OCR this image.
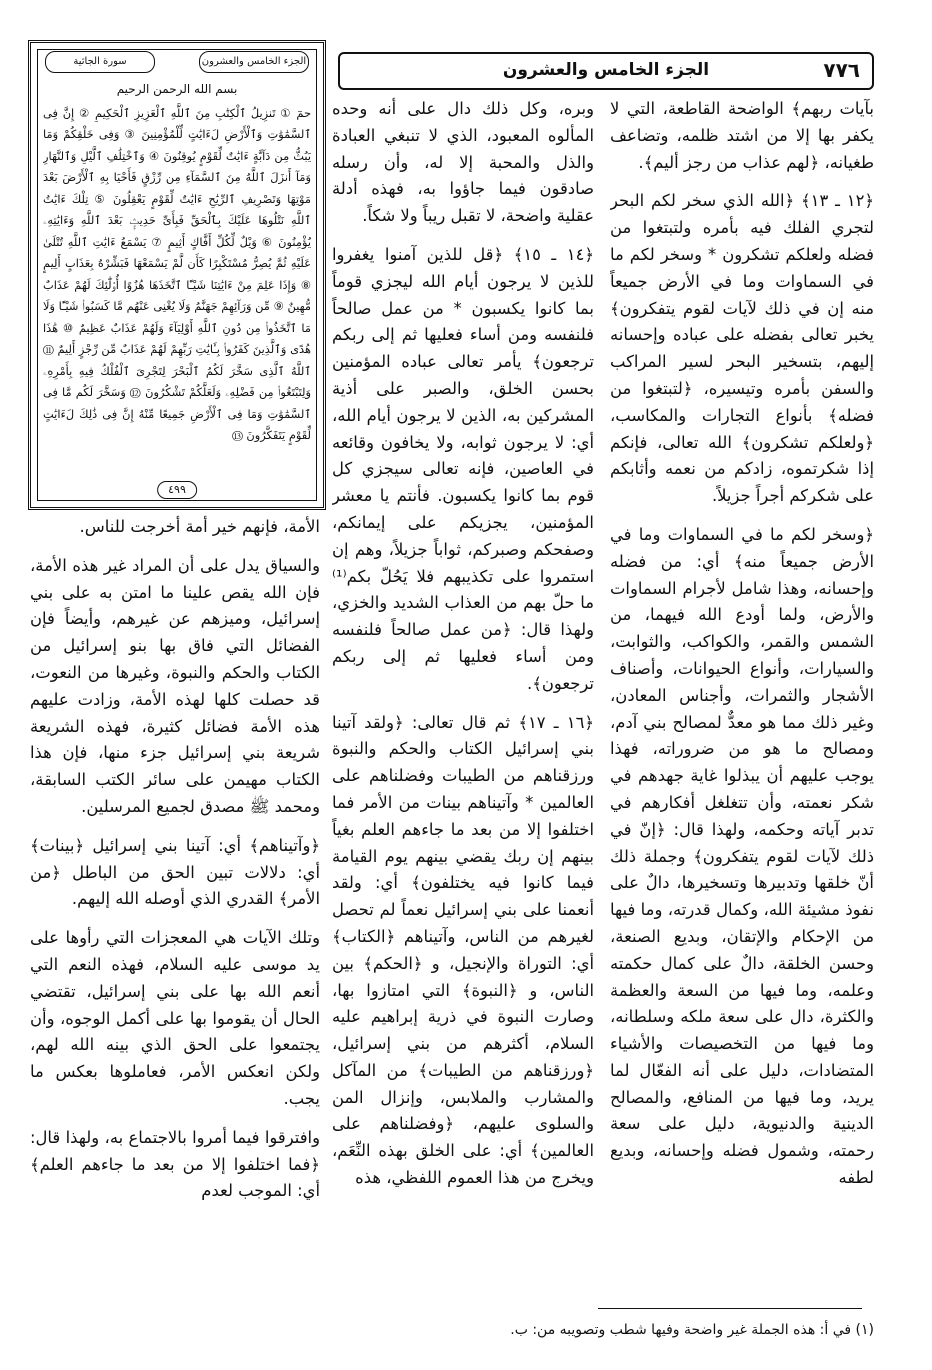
٧٧٦
الجزء الخامس والعشرون
الجزء الخامس والعشرون
سورة الجاثية
بسم الله الرحمن الرحيم
حمٓ ① تَنزِيلُ ٱلْكِتَٰبِ مِنَ ٱللَّهِ ٱلْعَزِيزِ ٱلْحَكِيمِ ② إِنَّ فِى ٱلسَّمَٰوَٰتِ وَٱلْأَرْضِ لَءَايَٰتٍ لِّلْمُؤْمِنِينَ ③ وَفِى خَلْقِكُمْ وَمَا يَبُثُّ مِن دَآبَّةٍ ءَايَٰتٌ لِّقَوْمٍ يُوقِنُونَ ④ وَٱخْتِلَٰفِ ٱلَّيْلِ وَٱلنَّهَارِ وَمَآ أَنزَلَ ٱللَّهُ مِنَ ٱلسَّمَآءِ مِن رِّزْقٍ فَأَحْيَا بِهِ ٱلْأَرْضَ بَعْدَ مَوْتِهَا وَتَصْرِيفِ ٱلرِّيَٰحِ ءَايَٰتٌ لِّقَوْمٍ يَعْقِلُونَ ⑤ تِلْكَ ءَايَٰتُ ٱللَّهِ نَتْلُوهَا عَلَيْكَ بِٱلْحَقِّ فَبِأَىِّ حَدِيثٍۭ بَعْدَ ٱللَّهِ وَءَايَٰتِهِۦ يُؤْمِنُونَ ⑥ وَيْلٌ لِّكُلِّ أَفَّاكٍ أَثِيمٍ ⑦ يَسْمَعُ ءَايَٰتِ ٱللَّهِ تُتْلَىٰ عَلَيْهِ ثُمَّ يُصِرُّ مُسْتَكْبِرًا كَأَن لَّمْ يَسْمَعْهَا فَبَشِّرْهُ بِعَذَابٍ أَلِيمٍ ⑧ وَإِذَا عَلِمَ مِنْ ءَايَٰتِنَا شَيْـًٔا ٱتَّخَذَهَا هُزُوًا أُو۟لَٰٓئِكَ لَهُمْ عَذَابٌ مُّهِينٌ ⑨ مِّن وَرَآئِهِمْ جَهَنَّمُ وَلَا يُغْنِى عَنْهُم مَّا كَسَبُوا۟ شَيْـًٔا وَلَا مَا ٱتَّخَذُوا۟ مِن دُونِ ٱللَّهِ أَوْلِيَآءَ وَلَهُمْ عَذَابٌ عَظِيمٌ ⑩ هَٰذَا هُدًى وَٱلَّذِينَ كَفَرُوا۟ بِـَٔايَٰتِ رَبِّهِمْ لَهُمْ عَذَابٌ مِّن رِّجْزٍ أَلِيمٌ ⑪ ٱللَّهُ ٱلَّذِى سَخَّرَ لَكُمُ ٱلْبَحْرَ لِتَجْرِىَ ٱلْفُلْكُ فِيهِ بِأَمْرِهِۦ وَلِتَبْتَغُوا۟ مِن فَضْلِهِۦ وَلَعَلَّكُمْ تَشْكُرُونَ ⑫ وَسَخَّرَ لَكُم مَّا فِى ٱلسَّمَٰوَٰتِ وَمَا فِى ٱلْأَرْضِ جَمِيعًا مِّنْهُ إِنَّ فِى ذَٰلِكَ لَءَايَٰتٍ لِّقَوْمٍ يَتَفَكَّرُونَ ⑬
٤٩٩

بآيات ربهم﴾ الواضحة القاطعة، التي لا يكفر بها إلا من اشتد ظلمه، وتضاعف طغيانه، ﴿لهم عذاب من رجز أليم﴾.

﴿١٢ ـ ١٣﴾ ﴿الله الذي سخر لكم البحر لتجري الفلك فيه بأمره ولتبتغوا من فضله ولعلكم تشكرون * وسخر لكم ما في السماوات وما في الأرض جميعاً منه إن في ذلك لآيات لقوم يتفكرون﴾ يخبر تعالى بفضله على عباده وإحسانه إليهم، بتسخير البحر لسير المراكب والسفن بأمره وتيسيره، ﴿لتبتغوا من فضله﴾ بأنواع التجارات والمكاسب، ﴿ولعلكم تشكرون﴾ الله تعالى، فإنكم إذا شكرتموه، زادكم من نعمه وأثابكم على شكركم أجراً جزيلاً.

﴿وسخر لكم ما في السماوات وما في الأرض جميعاً منه﴾ أي: من فضله وإحسانه، وهذا شامل لأجرام السماوات والأرض، ولما أودع الله فيهما، من الشمس والقمر، والكواكب، والثوابت، والسيارات، وأنواع الحيوانات، وأصناف الأشجار والثمرات، وأجناس المعادن، وغير ذلك مما هو معدٌّ لمصالح بني آدم، ومصالح ما هو من ضروراته، فهذا يوجب عليهم أن يبذلوا غاية جهدهم في شكر نعمته، وأن تتغلغل أفكارهم في تدبر آياته وحكمه، ولهذا قال: ﴿إنّ في ذلك لآيات لقوم يتفكرون﴾ وجملة ذلك أنّ خلقها وتدبيرها وتسخيرها، دالٌ على نفوذ مشيئة الله، وكمال قدرته، وما فيها من الإحكام والإتقان، وبديع الصنعة، وحسن الخلقة، دالٌ على كمال حكمته وعلمه، وما فيها من السعة والعظمة والكثرة، دال على سعة ملكه وسلطانه، وما فيها من التخصيصات والأشياء المتضادات، دليل على أنه الفعّال لما يريد، وما فيها من المنافع، والمصالح الدينية والدنيوية، دليل على سعة رحمته، وشمول فضله وإحسانه، وبديع لطفه

وبره، وكل ذلك دال على أنه وحده المألوه المعبود، الذي لا تنبغي العبادة والذل والمحبة إلا له، وأن رسله صادقون فيما جاؤوا به، فهذه أدلة عقلية واضحة، لا تقبل ريباً ولا شكاً.

﴿١٤ ـ ١٥﴾ ﴿قل للذين آمنوا يغفروا للذين لا يرجون أيام الله ليجزي قوماً بما كانوا يكسبون * من عمل صالحاً فلنفسه ومن أساء فعليها ثم إلى ربكم ترجعون﴾ يأمر تعالى عباده المؤمنين بحسن الخلق، والصبر على أذية المشركين به، الذين لا يرجون أيام الله، أي: لا يرجون ثوابه، ولا يخافون وقائعه في العاصين، فإنه تعالى سيجزي كل قوم بما كانوا يكسبون. فأنتم يا معشر المؤمنين، يجزيكم على إيمانكم، وصفحكم وصبركم، ثواباً جزيلاً، وهم إن استمروا على تكذيبهم فلا يَحُلّ بكم⁽¹⁾ ما حلّ بهم من العذاب الشديد والخزي، ولهذا قال: ﴿من عمل صالحاً فلنفسه ومن أساء فعليها ثم إلى ربكم ترجعون﴾.

﴿١٦ ـ ١٧﴾ ثم قال تعالى: ﴿ولقد آتينا بني إسرائيل الكتاب والحكم والنبوة ورزقناهم من الطيبات وفضلناهم على العالمين * وآتيناهم بينات من الأمر فما اختلفوا إلا من بعد ما جاءهم العلم بغياً بينهم إن ربك يقضي بينهم يوم القيامة فيما كانوا فيه يختلفون﴾ أي: ولقد أنعمنا على بني إسرائيل نعماً لم تحصل لغيرهم من الناس، وآتيناهم ﴿الكتاب﴾ أي: التوراة والإنجيل، و ﴿الحكم﴾ بين الناس، و ﴿النبوة﴾ التي امتازوا بها، وصارت النبوة في ذرية إبراهيم عليه السلام، أكثرهم من بني إسرائيل، ﴿ورزقناهم من الطيبات﴾ من المآكل والمشارب والملابس، وإنزال المن والسلوى عليهم، ﴿وفضلناهم على العالمين﴾ أي: على الخلق بهذه النِّعَم، ويخرج من هذا العموم اللفظي، هذه

الأمة، فإنهم خير أمة أخرجت للناس.

والسياق يدل على أن المراد غير هذه الأمة، فإن الله يقص علينا ما امتن به على بني إسرائيل، وميزهم عن غيرهم، وأيضاً فإن الفضائل التي فاق بها بنو إسرائيل من الكتاب والحكم والنبوة، وغيرها من النعوت، قد حصلت كلها لهذه الأمة، وزادت عليهم هذه الأمة فضائل كثيرة، فهذه الشريعة شريعة بني إسرائيل جزء منها، فإن هذا الكتاب مهيمن على سائر الكتب السابقة، ومحمد ﷺ مصدق لجميع المرسلين.

﴿وآتيناهم﴾ أي: آتينا بني إسرائيل ﴿بينات﴾ أي: دلالات تبين الحق من الباطل ﴿من الأمر﴾ القدري الذي أوصله الله إليهم.

وتلك الآيات هي المعجزات التي رأوها على يد موسى عليه السلام، فهذه النعم التي أنعم الله بها على بني إسرائيل، تقتضي الحال أن يقوموا بها على أكمل الوجوه، وأن يجتمعوا على الحق الذي بينه الله لهم، ولكن انعكس الأمر، فعاملوها بعكس ما يجب.

وافترقوا فيما أمروا بالاجتماع به، ولهذا قال: ﴿فما اختلفوا إلا من بعد ما جاءهم العلم﴾ أي: الموجب لعدم

(١) في أ: هذه الجملة غير واضحة وفيها شطب وتصويبه من: ب.
